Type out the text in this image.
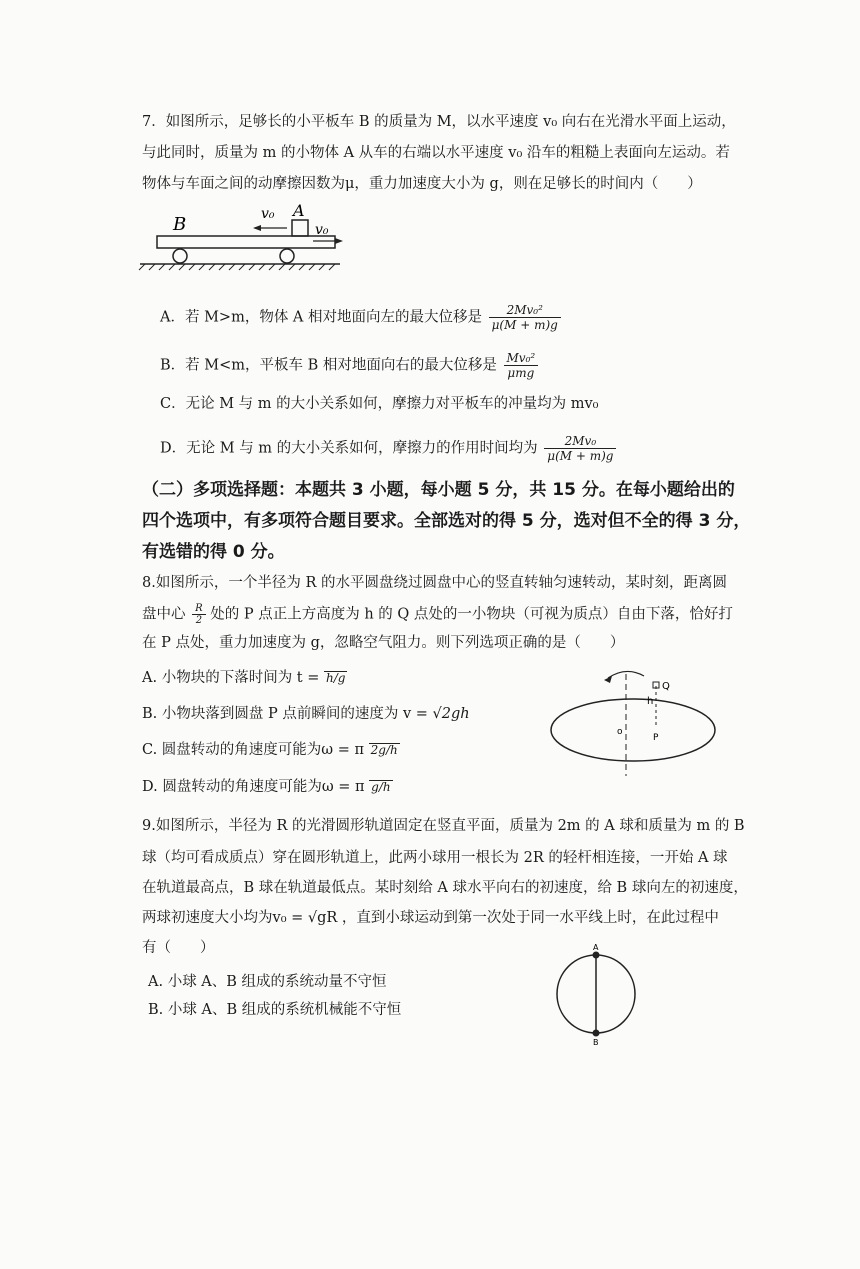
7．如图所示，足够长的小平板车 B 的质量为 M，以水平速度 v₀ 向右在光滑水平面上运动，
与此同时，质量为 m 的小物体 A 从车的右端以水平速度 v₀ 沿车的粗糙上表面向左运动。若
物体与车面之间的动摩擦因数为μ，重力加速度大小为 g，则在足够长的时间内（　　）
B
A
v₀
v₀
A．若 M>m，物体 A 相对地面向左的最大位移是 $\frac{\text{2Mv₀²}}{\mu(M + m)g}$
B．若 M<m，平板车 B 相对地面向右的最大位移是 $\frac{\text{Mv₀²}}{\text{μmg}}$
C．无论 M 与 m 的大小关系如何，摩擦力对平板车的冲量均为 mv₀
D．无论 M 与 m 的大小关系如何，摩擦力的作用时间均为 $\frac{\text{2Mv₀}}{\mu(M + m)g}$
（二）多项选择题：本题共 3 小题，每小题 5 分，共 15 分。在每小题给出的
四个选项中，有多项符合题目要求。全部选对的得 5 分，选对但不全的得 3 分，
有选错的得 0 分。
8.如图所示，一个半径为 R 的水平圆盘绕过圆盘中心的竖直转轴匀速转动，某时刻，距离圆
盘中心 $\frac{R}{2}$ 处的 P 点正上方高度为 h 的 Q 点处的一小物块（可视为质点）自由下落，恰好打
在 P 点处，重力加速度为 g，忽略空气阻力。则下列选项正确的是（　　）
A. 小物块的下落时间为 t = h/g
B. 小物块落到圆盘 P 点前瞬间的速度为 v = √2gh
C. 圆盘转动的角速度可能为ω = π 2g/h
D. 圆盘转动的角速度可能为ω = π g/h
Q
h
o
P
9.如图所示，半径为 R 的光滑圆形轨道固定在竖直平面，质量为 2m 的 A 球和质量为 m 的 B
球（均可看成质点）穿在圆形轨道上，此两小球用一根长为 2R 的轻杆相连接，一开始 A 球
在轨道最高点，B 球在轨道最低点。某时刻给 A 球水平向右的初速度，给 B 球向左的初速度，
两球初速度大小均为v₀ = √gR ，直到小球运动到第一次处于同一水平线上时，在此过程中
有（　　）
A. 小球 A、B 组成的系统动量不守恒
B. 小球 A、B 组成的系统机械能不守恒
A
B
